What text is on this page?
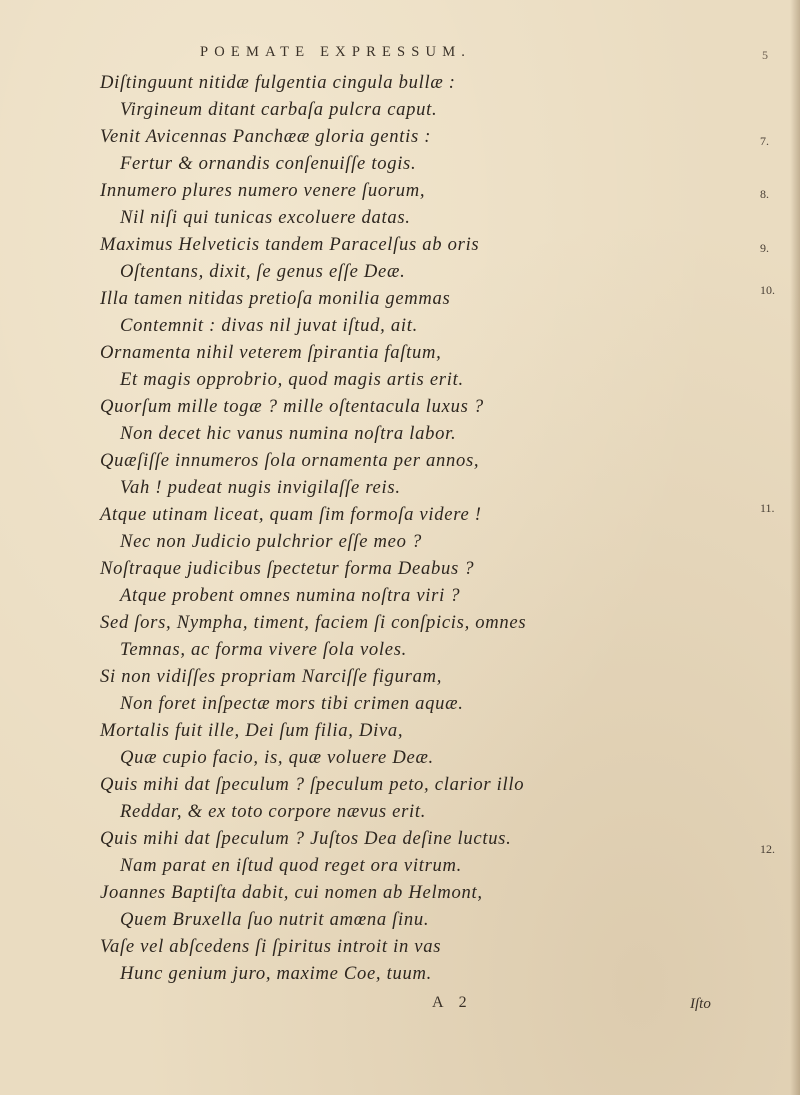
POEMATE EXPRESSUM.	5
Diſtinguunt nitidæ fulgentia cingula bullæ :
Virgineum ditant carbaſa pulcra caput.
Venit Avicennas Panchææ gloria gentis :
Fertur & ornandis conſenuiſſe togis.
Innumero plures numero venere ſuorum,
Nil niſi qui tunicas excoluere datas.
Maximus Helveticis tandem Paracelſus ab oris
Oſtentans, dixit, ſe genus eſſe Deæ.
Illa tamen nitidas pretioſa monilia gemmas
Contemnit : divas nil juvat iſtud, ait.
Ornamenta nihil veterem ſpirantia faſtum,
Et magis opprobrio, quod magis artis erit.
Quorſum mille togæ ? mille oſtentacula luxus ?
Non decet hic vanus numina noſtra labor.
Quæſiſſe innumeros ſola ornamenta per annos,
Vah ! pudeat nugis invigilaſſe reis.
Atque utinam liceat, quam ſim formoſa videre !
Nec non Judicio pulchrior eſſe meo ?
Noſtraque judicibus ſpectetur forma Deabus ?
Atque probent omnes numina noſtra viri ?
Sed ſors, Nympha, timent, faciem ſi conſpicis, omnes
Temnas, ac forma vivere ſola voles.
Si non vidiſſes propriam Narciſſe figuram,
Non foret inſpectæ mors tibi crimen aquæ.
Mortalis fuit ille, Dei ſum filia, Diva,
Quæ cupio facio, is, quæ voluere Deæ.
Quis mihi dat ſpeculum ? ſpeculum peto, clarior illo
Reddar, & ex toto corpore nævus erit.
Quis mihi dat ſpeculum ? Juſtos Dea deſine luctus.
Nam parat en iſtud quod reget ora vitrum.
Joannes Baptiſta dabit, cui nomen ab Helmont,
Quem Bruxella ſuo nutrit amœna ſinu.
Vaſe vel abſcedens ſi ſpiritus introit in vas
Hunc genium juro, maxime Coe, tuum.
7.
8.
9.
10.
11.
12.
A 2	Iſto
